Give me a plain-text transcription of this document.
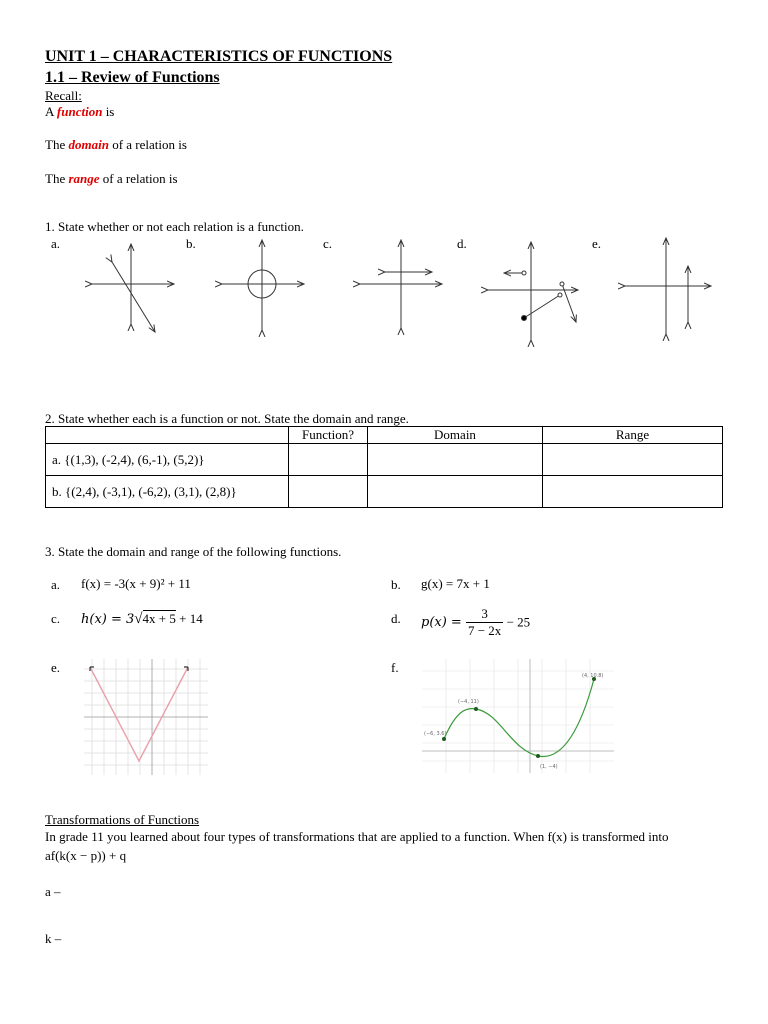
UNIT 1 – CHARACTERISTICS OF FUNCTIONS
1.1 – Review of Functions
Recall:
A function is
The domain of a relation is
The range of a relation is
1. State whether or not each relation is a function.
a.	b.	c.	d.	e.
2. State whether each is a function or not. State the domain and range.
	Function?	Domain	Range
a. {(1,3), (-2,4), (6,-1), (5,2)}			
b. {(2,4), (-3,1), (-6,2), (3,1), (2,8)}			
3. State the domain and range of the following functions.
a. f(x) = -3(x + 9)² + 11	b. g(x) = 7x + 1
c. h(x) = 3√4x + 5 + 14	d. $p(x) = \frac{3}{7 - 2x} - 25$
e.	f.
(−6, 3.6)
(−4, 11)
(1, −4)
(4, 10.8)
Transformations of Functions
In grade 11 you learned about four types of transformations that are applied to a function. When f(x) is transformed into
af(k(x − p)) + q
a –
k –
